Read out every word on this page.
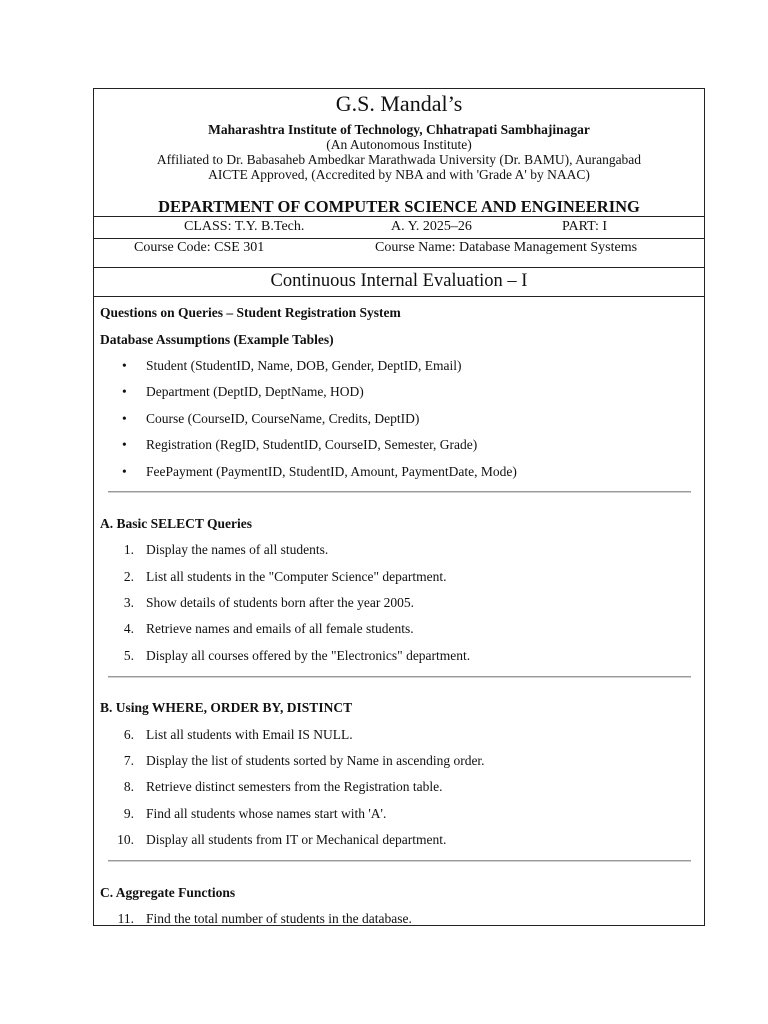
G.S. Mandal’s
Maharashtra Institute of Technology, Chhatrapati Sambhajinagar
(An Autonomous Institute)
Affiliated to Dr. Babasaheb Ambedkar Marathwada University (Dr. BAMU), Aurangabad
AICTE Approved, (Accredited by NBA and with 'Grade A' by NAAC)
DEPARTMENT OF COMPUTER SCIENCE AND ENGINEERING
CLASS: T.Y. B.Tech.	A. Y. 2025–26	PART: I
Course Code: CSE 301	Course Name: Database Management Systems
Continuous Internal Evaluation – I
Questions on Queries – Student Registration System
Database Assumptions (Example Tables)
• Student (StudentID, Name, DOB, Gender, DeptID, Email)
• Department (DeptID, DeptName, HOD)
• Course (CourseID, CourseName, Credits, DeptID)
• Registration (RegID, StudentID, CourseID, Semester, Grade)
• FeePayment (PaymentID, StudentID, Amount, PaymentDate, Mode)
A. Basic SELECT Queries
1. Display the names of all students.
2. List all students in the "Computer Science" department.
3. Show details of students born after the year 2005.
4. Retrieve names and emails of all female students.
5. Display all courses offered by the "Electronics" department.
B. Using WHERE, ORDER BY, DISTINCT
6. List all students with Email IS NULL.
7. Display the list of students sorted by Name in ascending order.
8. Retrieve distinct semesters from the Registration table.
9. Find all students whose names start with 'A'.
10. Display all students from IT or Mechanical department.
C. Aggregate Functions
11. Find the total number of students in the database.
